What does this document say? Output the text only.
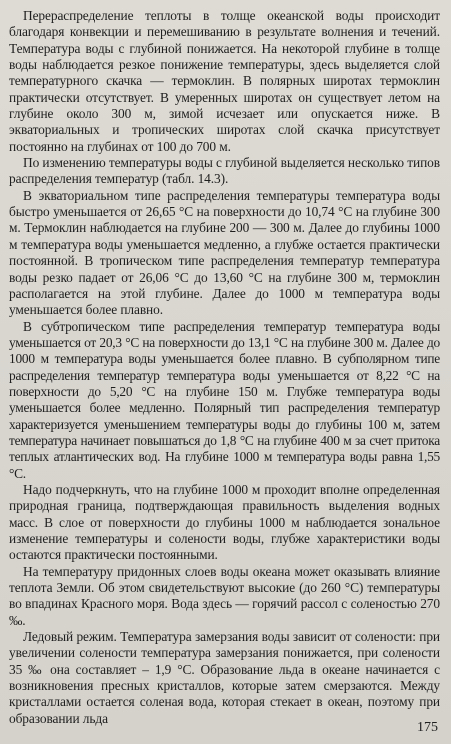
Перераспределение теплоты в толще океанской воды происходит благодаря конвекции и перемешиванию в результате волнения и течений. Температура воды с глубиной понижается. На некоторой глубине в толще воды наблюдается резкое понижение температуры, здесь выделяется слой температурного скачка — термоклин. В полярных широтах термоклин практически отсутствует. В умеренных широтах он существует летом на глубине около 300 м, зимой исчезает или опускается ниже. В экваториальных и тропических широтах слой скачка присутствует постоянно на глубинах от 100 до 700 м.

По изменению температуры воды с глубиной выделяется несколько типов распределения температур (табл. 14.3).

В экваториальном типе распределения температуры температура воды быстро уменьшается от 26,65 °С на поверхности до 10,74 °С на глубине 300 м. Термоклин наблюдается на глубине 200 — 300 м. Далее до глубины 1000 м температура воды уменьшается медленно, а глубже остается практически постоянной. В тропическом типе распределения температур температура воды резко падает от 26,06 °С до 13,60 °С на глубине 300 м, термоклин располагается на этой глубине. Далее до 1000 м температура воды уменьшается более плавно.

В субтропическом типе распределения температур температура воды уменьшается от 20,3 °С на поверхности до 13,1 °С на глубине 300 м. Далее до 1000 м температура воды уменьшается более плавно. В субполярном типе распределения температур температура воды уменьшается от 8,22 °С на поверхности до 5,20 °С на глубине 150 м. Глубже температура воды уменьшается более медленно. Полярный тип распределения температур характеризуется уменьшением температуры воды до глубины 100 м, затем температура начинает повышаться до 1,8 °С на глубине 400 м за счет притока теплых атлантических вод. На глубине 1000 м температура воды равна 1,55 °С.

Надо подчеркнуть, что на глубине 1000 м проходит вполне определенная природная граница, подтверждающая правильность выделения водных масс. В слое от поверхности до глубины 1000 м наблюдается зональное изменение температуры и солености воды, глубже характеристики воды остаются практически постоянными.

На температуру придонных слоев воды океана может оказывать влияние теплота Земли. Об этом свидетельствуют высокие (до 260 °С) температуры во впадинах Красного моря. Вода здесь — горячий рассол с соленостью 270 ‰.

Ледовый режим. Температура замерзания воды зависит от солености: при увеличении солености температура замерзания понижается, при солености 35 ‰ она составляет – 1,9 °С. Образование льда в океане начинается с возникновения пресных кристаллов, которые затем смерзаются. Между кристаллами остается соленая вода, которая стекает в океан, поэтому при образовании льда

175
